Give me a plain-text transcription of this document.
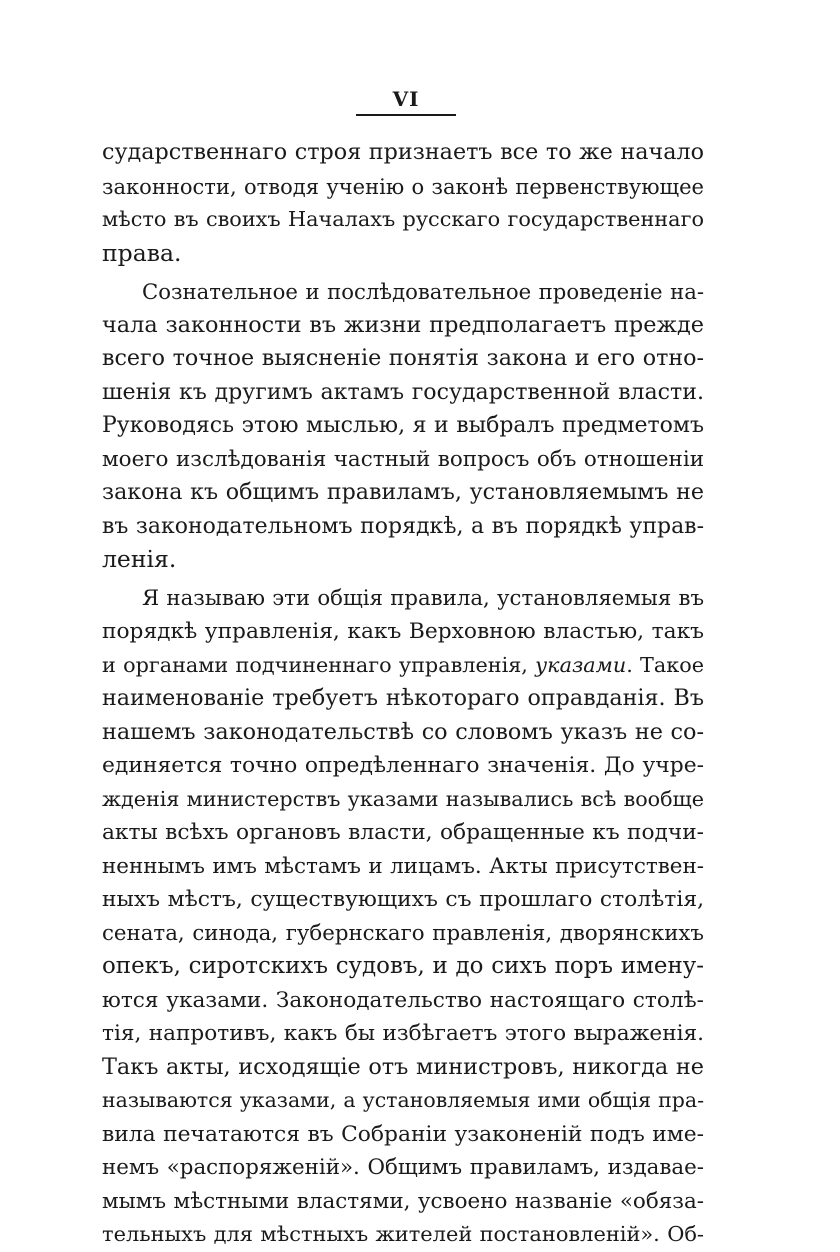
VI
сударственнаго строя признаетъ все то же начало
законности, отводя ученію о законѣ первенствующее
мѣсто въ своихъ Началахъ русскаго государственнаго
права.
Сознательное и послѣдовательное проведеніе на-
чала законности въ жизни предполагаетъ прежде
всего точное выясненіе понятія закона и его отно-
шенія къ другимъ актамъ государственной власти.
Руководясь этою мыслью, я и выбралъ предметомъ
моего изслѣдованія частный вопросъ объ отношеніи
закона къ общимъ правиламъ, установляемымъ не
въ законодательномъ порядкѣ, а въ порядкѣ управ-
ленія.
Я называю эти общія правила, установляемыя въ
порядкѣ управленія, какъ Верховною властью, такъ
и органами подчиненнаго управленія, указами. Такое
наименованіе требуетъ нѣкотораго оправданія. Въ
нашемъ законодательствѣ со словомъ указъ не со-
единяется точно опредѣленнаго значенія. До учре-
жденія министерствъ указами назывались всѣ вообще
акты всѣхъ органовъ власти, обращенные къ подчи-
неннымъ имъ мѣстамъ и лицамъ. Акты присутствен-
ныхъ мѣстъ, существующихъ съ прошлаго столѣтія,
сената, синода, губернскаго правленія, дворянскихъ
опекъ, сиротскихъ судовъ, и до сихъ поръ имену-
ются указами. Законодательство настоящаго столѣ-
тія, напротивъ, какъ бы избѣгаетъ этого выраженія.
Такъ акты, исходящіе отъ министровъ, никогда не
называются указами, а установляемыя ими общія пра-
вила печатаются въ Собраніи узаконеній подъ име-
немъ «распоряженій». Общимъ правиламъ, издавае-
мымъ мѣстными властями, усвоено названіе «обяза-
тельныхъ для мѣстныхъ жителей постановленій». Об-
